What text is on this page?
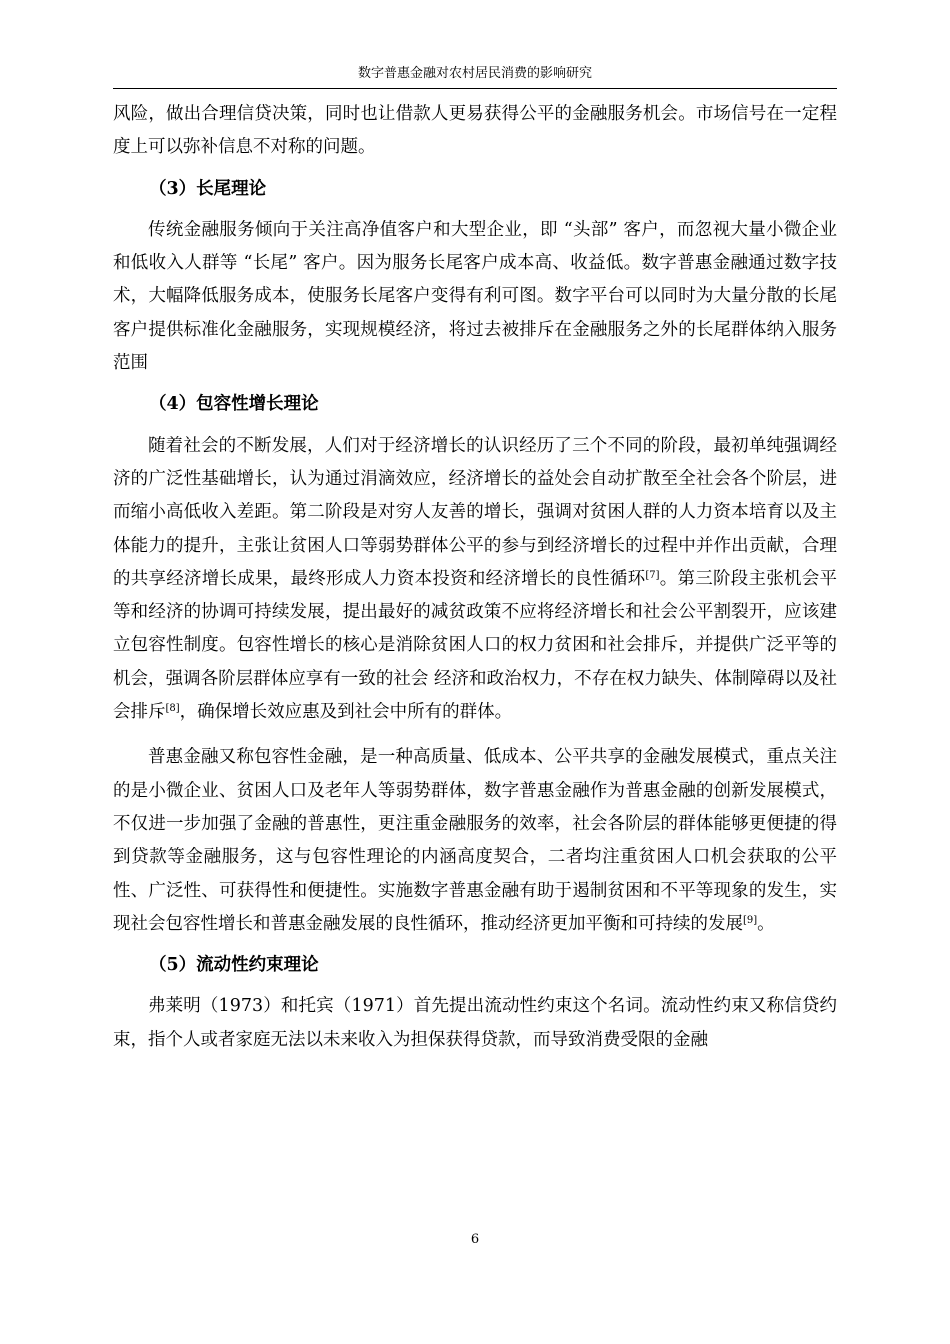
数字普惠金融对农村居民消费的影响研究

风险，做出合理信贷决策，同时也让借款人更易获得公平的金融服务机会。市场信号在一定程度上可以弥补信息不对称的问题。

（3）长尾理论

传统金融服务倾向于关注高净值客户和大型企业，即 “头部” 客户，而忽视大量小微企业和低收入人群等 “长尾” 客户。因为服务长尾客户成本高、收益低。数字普惠金融通过数字技术，大幅降低服务成本，使服务长尾客户变得有利可图。数字平台可以同时为大量分散的长尾客户提供标准化金融服务，实现规模经济，将过去被排斥在金融服务之外的长尾群体纳入服务范围

（4）包容性增长理论

随着社会的不断发展，人们对于经济增长的认识经历了三个不同的阶段，最初单纯强调经济的广泛性基础增长，认为通过涓滴效应，经济增长的益处会自动扩散至全社会各个阶层，进而缩小高低收入差距。第二阶段是对穷人友善的增长，强调对贫困人群的人力资本培育以及主体能力的提升，主张让贫困人口等弱势群体公平的参与到经济增长的过程中并作出贡献，合理的共享经济增长成果，最终形成人力资本投资和经济增长的良性循环[7]。第三阶段主张机会平等和经济的协调可持续发展，提出最好的减贫政策不应将经济增长和社会公平割裂开，应该建立包容性制度。包容性增长的核心是消除贫困人口的权力贫困和社会排斥，并提供广泛平等的机会，强调各阶层群体应享有一致的社会 经济和政治权力，不存在权力缺失、体制障碍以及社会排斥[8]，确保增长效应惠及到社会中所有的群体。

普惠金融又称包容性金融，是一种高质量、低成本、公平共享的金融发展模式，重点关注的是小微企业、贫困人口及老年人等弱势群体，数字普惠金融作为普惠金融的创新发展模式，不仅进一步加强了金融的普惠性，更注重金融服务的效率，社会各阶层的群体能够更便捷的得到贷款等金融服务，这与包容性理论的内涵高度契合，二者均注重贫困人口机会获取的公平性、广泛性、可获得性和便捷性。实施数字普惠金融有助于遏制贫困和不平等现象的发生，实现社会包容性增长和普惠金融发展的良性循环，推动经济更加平衡和可持续的发展[9]。

（5）流动性约束理论

弗莱明（1973）和托宾（1971）首先提出流动性约束这个名词。流动性约束又称信贷约束，指个人或者家庭无法以未来收入为担保获得贷款，而导致消费受限的金融

6
